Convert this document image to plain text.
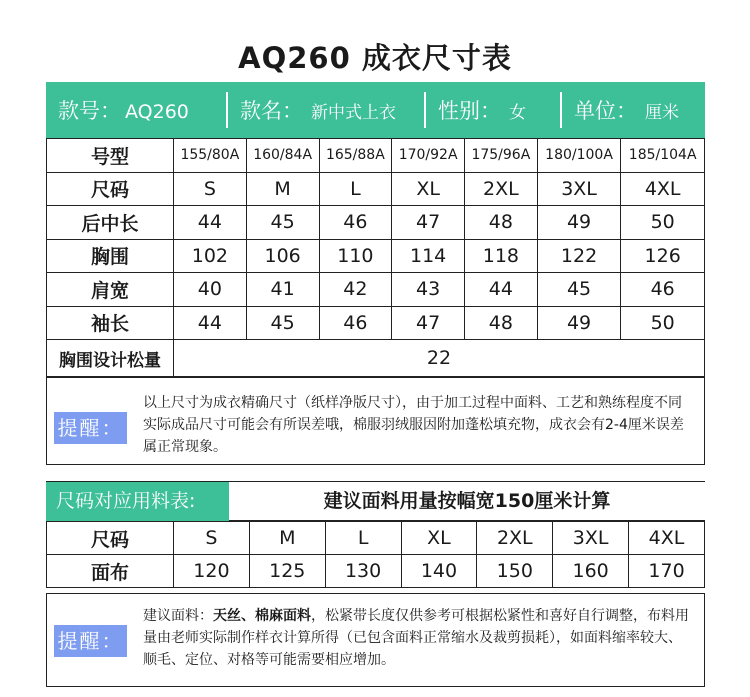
AQ260 成衣尺寸表
款号： AQ260 款名： 新中式上衣 性别： 女 单位： 厘米
号型	155/80A	160/84A	165/88A	170/92A	175/96A	180/100A	185/104A
尺码	S	M	L	XL	2XL	3XL	4XL
后中长	44	45	46	47	48	49	50
胸围	102	106	110	114	118	122	126
肩宽	40	41	42	43	44	45	46
袖长	44	45	46	47	48	49	50
胸围设计松量	22						
提醒：
以上尺寸为成衣精确尺寸（纸样净版尺寸），由于加工过程中面料、工艺和熟练程度不同实际成品尺寸可能会有所误差哦，棉服羽绒服因附加蓬松填充物，成衣会有2-4厘米误差属正常现象。
尺码对应用料表:	建议面料用量按幅宽150厘米计算
尺码	S	M	L	XL	2XL	3XL	4XL
面布	120	125	130	140	150	160	170
提醒：
建议面料：天丝、棉麻面料，松紧带长度仅供参考可根据松紧性和喜好自行调整，布料用量由老师实际制作样衣计算所得（已包含面料正常缩水及裁剪损耗），如面料缩率较大、顺毛、定位、对格等可能需要相应增加。
